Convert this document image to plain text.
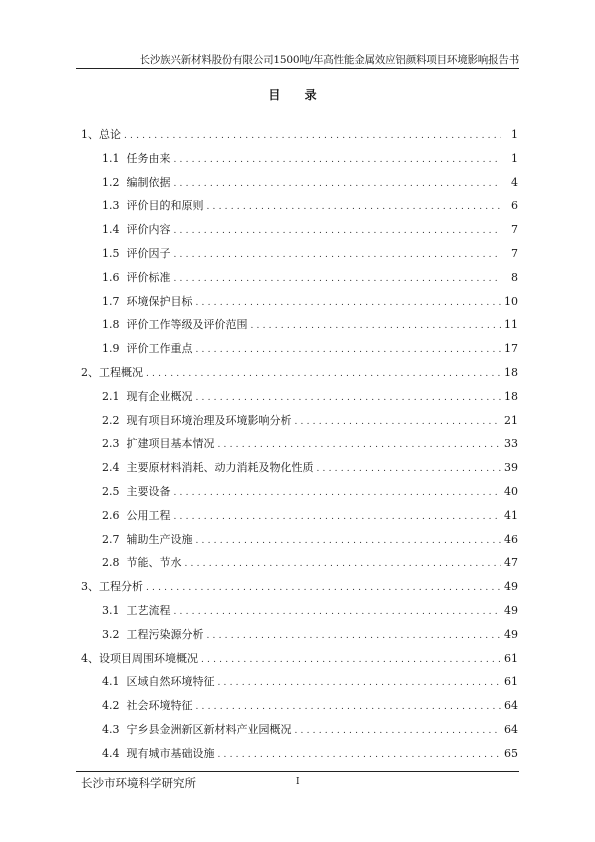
长沙族兴新材料股份有限公司1500吨/年高性能金属效应铝颜料项目环境影响报告书
目 录
1、总论 .....	1
1.1 任务由来 .....	1
1.2 编制依据 .....	4
1.3 评价目的和原则 .....	6
1.4 评价内容 .....	7
1.5 评价因子 .....	7
1.6 评价标准 .....	8
1.7 环境保护目标 .....	10
1.8 评价工作等级及评价范围 .....	11
1.9 评价工作重点 .....	17
2、工程概况 .....	18
2.1 现有企业概况 .....	18
2.2 现有项目环境治理及环境影响分析 .....	21
2.3 扩建项目基本情况 .....	33
2.4 主要原材料消耗、动力消耗及物化性质 .....	39
2.5 主要设备 .....	40
2.6 公用工程 .....	41
2.7 辅助生产设施 .....	46
2.8 节能、节水 .....	47
3、工程分析 .....	49
3.1 工艺流程 .....	49
3.2 工程污染源分析 .....	49
4、设项目周围环境概况 .....	61
4.1 区域自然环境特征 .....	61
4.2 社会环境特征 .....	64
4.3 宁乡县金洲新区新材料产业园概况 .....	64
4.4 现有城市基础设施 .....	65
长沙市环境科学研究所	I
